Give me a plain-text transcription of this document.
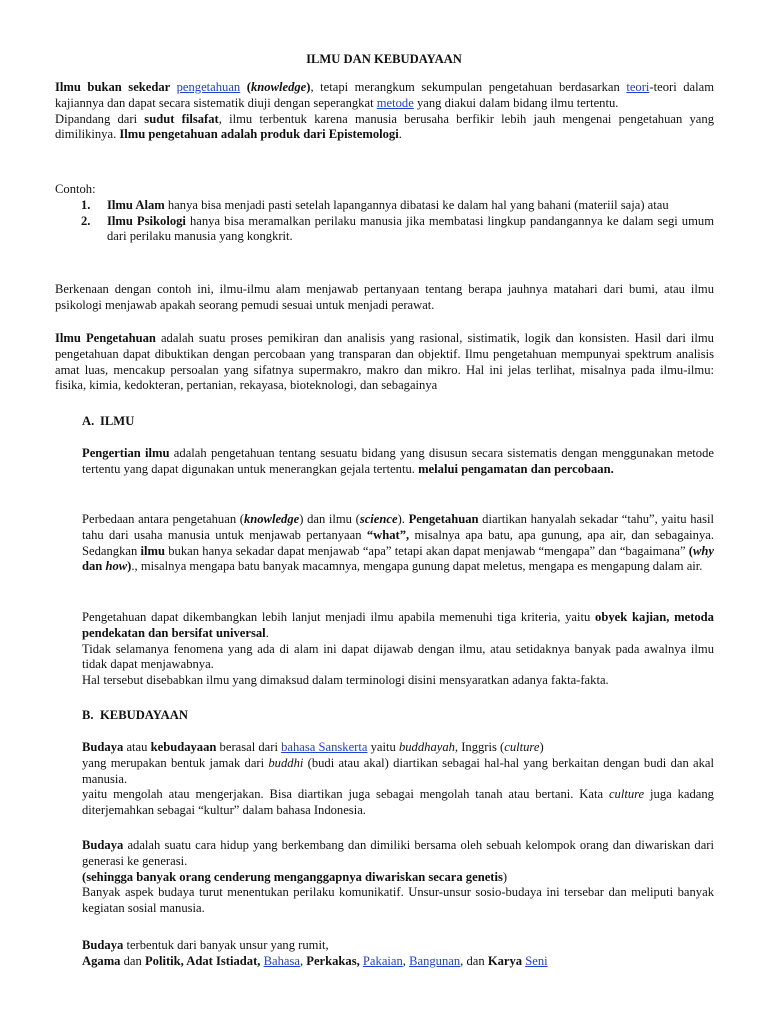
ILMU DAN KEBUDAYAAN

Ilmu bukan sekedar pengetahuan (knowledge), tetapi merangkum sekumpulan pengetahuan berdasarkan teori-teori dalam kajiannya dan dapat secara sistematik diuji dengan seperangkat metode yang diakui dalam bidang ilmu tertentu.

Dipandang dari sudut filsafat, ilmu terbentuk karena manusia berusaha berfikir lebih jauh mengenai pengetahuan yang dimilikinya. Ilmu pengetahuan adalah produk dari Epistemologi.

Contoh:

1. Ilmu Alam hanya bisa menjadi pasti setelah lapangannya dibatasi ke dalam hal yang bahani (materiil saja) atau
2. Ilmu Psikologi hanya bisa meramalkan perilaku manusia jika membatasi lingkup pandangannya ke dalam segi umum dari perilaku manusia yang kongkrit.

Berkenaan dengan contoh ini, ilmu-ilmu alam menjawab pertanyaan tentang berapa jauhnya matahari dari bumi, atau ilmu psikologi menjawab apakah seorang pemudi sesuai untuk menjadi perawat.

Ilmu Pengetahuan adalah suatu proses pemikiran dan analisis yang rasional, sistimatik, logik dan konsisten. Hasil dari ilmu pengetahuan dapat dibuktikan dengan percobaan yang transparan dan objektif. Ilmu pengetahuan mempunyai spektrum analisis amat luas, mencakup persoalan yang sifatnya supermakro, makro dan mikro. Hal ini jelas terlihat, misalnya pada ilmu-ilmu: fisika, kimia, kedokteran, pertanian, rekayasa, bioteknologi, dan sebagainya

A. ILMU

Pengertian ilmu adalah pengetahuan tentang sesuatu bidang yang disusun secara sistematis dengan menggunakan metode tertentu yang dapat digunakan untuk menerangkan gejala tertentu. melalui pengamatan dan percobaan.

Perbedaan antara pengetahuan (knowledge) dan ilmu (science). Pengetahuan diartikan hanyalah sekadar “tahu”, yaitu hasil tahu dari usaha manusia untuk menjawab pertanyaan “what”, misalnya apa batu, apa gunung, apa air, dan sebagainya. Sedangkan ilmu bukan hanya sekadar dapat menjawab “apa” tetapi akan dapat menjawab “mengapa” dan “bagaimana” (why dan how)., misalnya mengapa batu banyak macamnya, mengapa gunung dapat meletus, mengapa es mengapung dalam air.

Pengetahuan dapat dikembangkan lebih lanjut menjadi ilmu apabila memenuhi tiga kriteria, yaitu obyek kajian, metoda pendekatan dan bersifat universal.

Tidak selamanya fenomena yang ada di alam ini dapat dijawab dengan ilmu, atau setidaknya banyak pada awalnya ilmu tidak dapat menjawabnya.

Hal tersebut disebabkan ilmu yang dimaksud dalam terminologi disini mensyaratkan adanya fakta-fakta.

B. KEBUDAYAAN

Budaya atau kebudayaan berasal dari bahasa Sanskerta yaitu buddhayah, Inggris (culture)

yang merupakan bentuk jamak dari buddhi (budi atau akal) diartikan sebagai hal-hal yang berkaitan dengan budi dan akal manusia.

yaitu mengolah atau mengerjakan. Bisa diartikan juga sebagai mengolah tanah atau bertani. Kata culture juga kadang diterjemahkan sebagai “kultur” dalam bahasa Indonesia.

Budaya adalah suatu cara hidup yang berkembang dan dimiliki bersama oleh sebuah kelompok orang dan diwariskan dari generasi ke generasi.

(sehingga banyak orang cenderung menganggapnya diwariskan secara genetis)

Banyak aspek budaya turut menentukan perilaku komunikatif. Unsur-unsur sosio-budaya ini tersebar dan meliputi banyak kegiatan sosial manusia.

Budaya terbentuk dari banyak unsur yang rumit,

Agama dan Politik, Adat Istiadat, Bahasa, Perkakas, Pakaian, Bangunan, dan Karya Seni
